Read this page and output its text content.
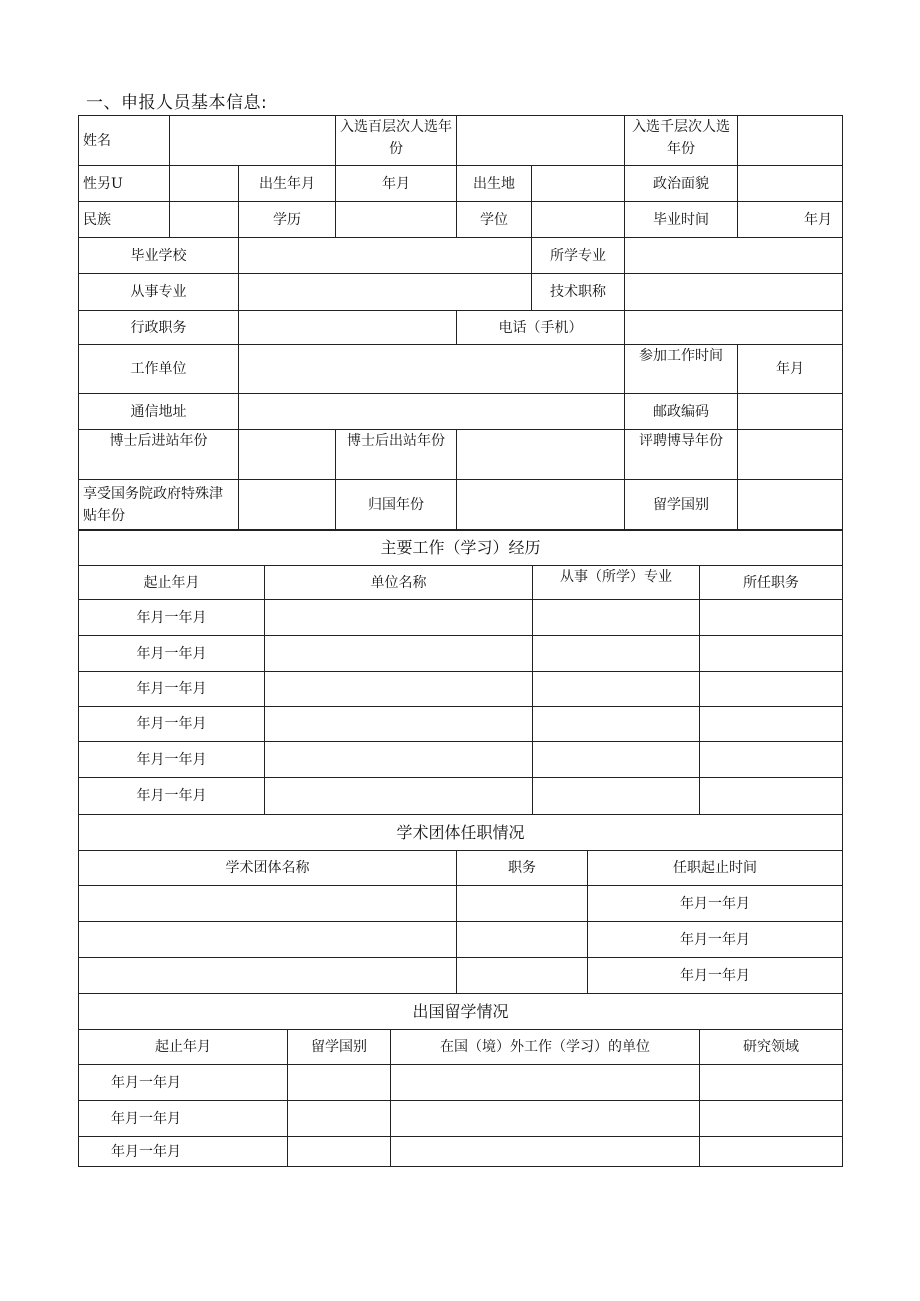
一、申报人员基本信息:
姓名			入选百层次人选年份			入选千层次人选年份	
性另U		出生年月	年月	出生地		政治面貌	
民族		学历		学位		毕业时间	年月
毕业学校					所学专业		
从事专业					技术职称		
行政职务				电话（手机）			
工作单位						参加工作时间	年月
通信地址						邮政编码	
博士后进站年份			博士后出站年份			评聘博导年份	
享受国务院政府特殊津贴年份			归国年份			留学国别	
主要工作（学习）经历			
起止年月	单位名称	从事（所学）专业	所任职务
年月一年月			
年月一年月			
年月一年月			
年月一年月			
年月一年月			
年月一年月			
学术团体任职情况		
学术团体名称	职务	任职起止时间
		年月一年月
		年月一年月
		年月一年月
出国留学情况			
起止年月	留学国别	在国（境）外工作（学习）的单位	研究领域
年月一年月			
年月一年月			
年月一年月			
